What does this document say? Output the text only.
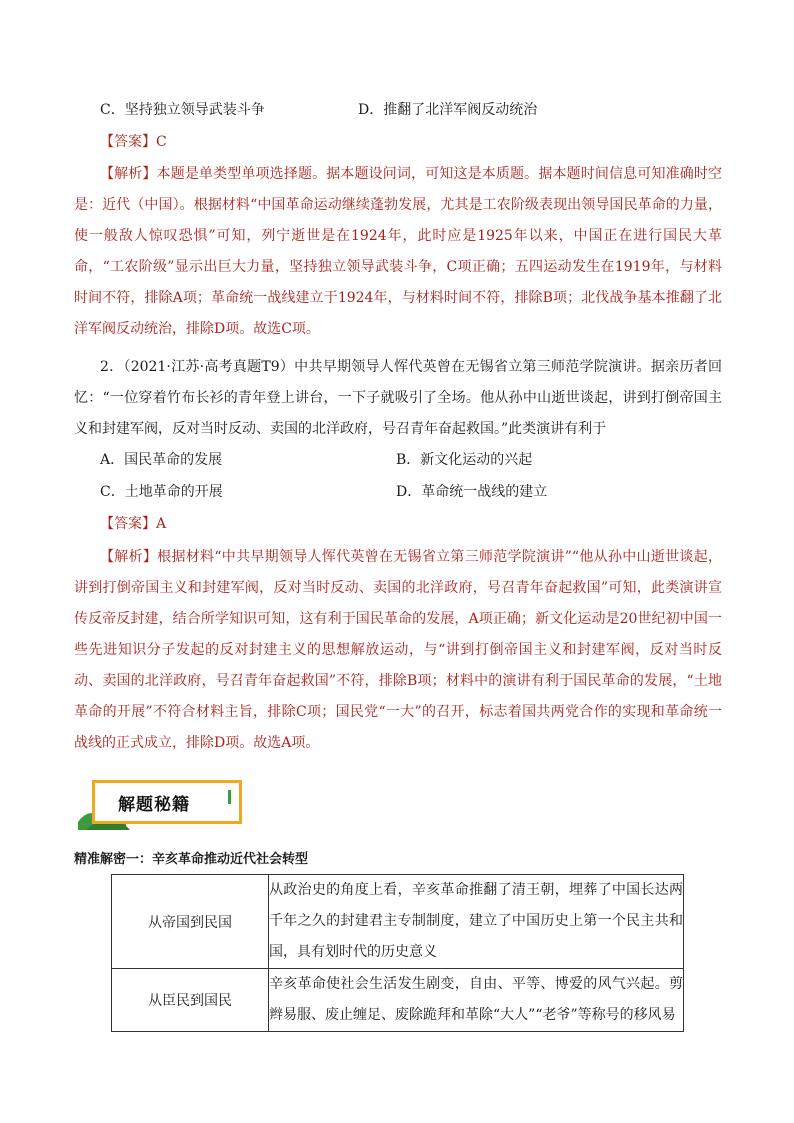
C．坚持独立领导武装斗争	D．推翻了北洋军阀反动统治
【答案】C
【解析】本题是单类型单项选择题。据本题设问词，可知这是本质题。据本题时间信息可知准确时空是：近代（中国）。根据材料“中国革命运动继续蓬勃发展，尤其是工农阶级表现出领导国民革命的力量，使一般敌人惊叹恐惧”可知，列宁逝世是在1924年，此时应是1925年以来，中国正在进行国民大革命，“工农阶级”显示出巨大力量，坚持独立领导武装斗争，C项正确；五四运动发生在1919年，与材料时间不符，排除A项；革命统一战线建立于1924年，与材料时间不符，排除B项；北伐战争基本推翻了北洋军阀反动统治，排除D项。故选C项。
2．（2021·江苏·高考真题T9）中共早期领导人恽代英曾在无锡省立第三师范学院演讲。据亲历者回忆：“一位穿着竹布长衫的青年登上讲台，一下子就吸引了全场。他从孙中山逝世谈起，讲到打倒帝国主义和封建军阀，反对当时反动、卖国的北洋政府，号召青年奋起救国。”此类演讲有利于
A．国民革命的发展	B．新文化运动的兴起
C．土地革命的开展	D．革命统一战线的建立
【答案】A
【解析】根据材料“中共早期领导人恽代英曾在无锡省立第三师范学院演讲”“他从孙中山逝世谈起，讲到打倒帝国主义和封建军阀，反对当时反动、卖国的北洋政府，号召青年奋起救国”可知，此类演讲宣传反帝反封建，结合所学知识可知，这有利于国民革命的发展，A项正确；新文化运动是20世纪初中国一些先进知识分子发起的反对封建主义的思想解放运动，与“讲到打倒帝国主义和封建军阀，反对当时反动、卖国的北洋政府，号召青年奋起救国”不符，排除B项；材料中的演讲有利于国民革命的发展，“土地革命的开展”不符合材料主旨，排除C项；国民党“一大”的召开，标志着国共两党合作的实现和革命统一战线的正式成立，排除D项。故选A项。
解题秘籍
精准解密一：辛亥革命推动近代社会转型
从帝国到民国	从政治史的角度上看，辛亥革命推翻了清王朝，埋葬了中国长达两千年之久的封建君主专制制度，建立了中国历史上第一个民主共和国，具有划时代的历史意义
从臣民到国民	辛亥革命使社会生活发生剧变，自由、平等、博爱的风气兴起。剪辫易服、废止缠足、废除跪拜和革除“大人”“老爷”等称号的移风易
